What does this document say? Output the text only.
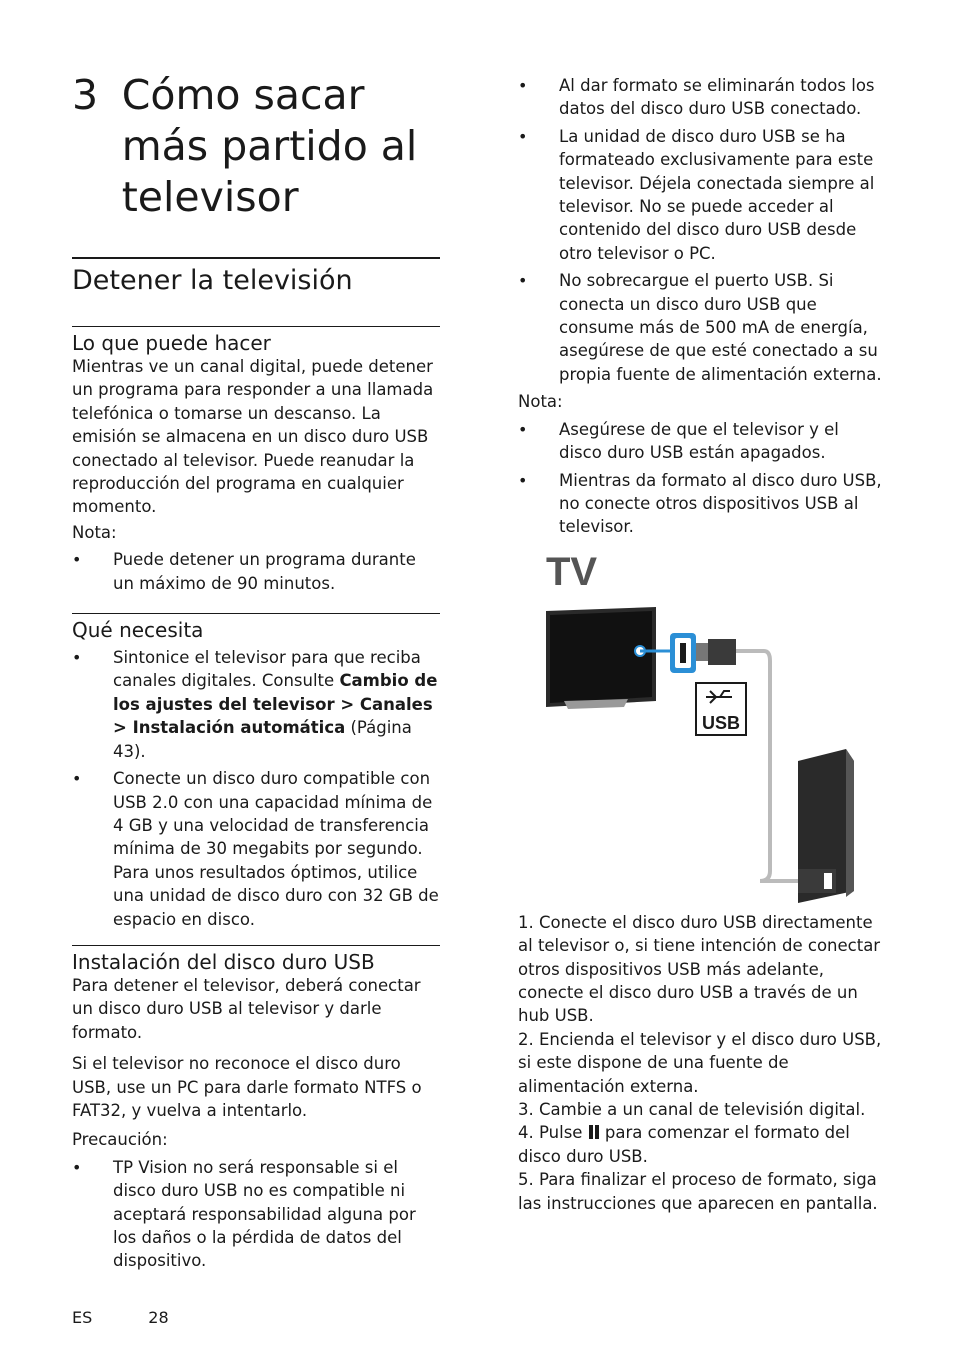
3 Cómo sacar más partido al televisor
Detener la televisión
Lo que puede hacer

Mientras ve un canal digital, puede detener un programa para responder a una llamada telefónica o tomarse un descanso. La emisión se almacena en un disco duro USB conectado al televisor. Puede reanudar la reproducción del programa en cualquier momento.

Nota:
• Puede detener un programa durante un máximo de 90 minutos.
Qué necesita
• Sintonice el televisor para que reciba canales digitales. Consulte Cambio de los ajustes del televisor > Canales > Instalación automática (Página 43).
• Conecte un disco duro compatible con USB 2.0 con una capacidad mínima de 4 GB y una velocidad de transferencia mínima de 30 megabits por segundo. Para unos resultados óptimos, utilice una unidad de disco duro con 32 GB de espacio en disco.
Instalación del disco duro USB

Para detener el televisor, deberá conectar un disco duro USB al televisor y darle formato.

Si el televisor no reconoce el disco duro USB, use un PC para darle formato NTFS o FAT32, y vuelva a intentarlo.

Precaución:
• TP Vision no será responsable si el disco duro USB no es compatible ni aceptará responsabilidad alguna por los daños o la pérdida de datos del dispositivo.
• Al dar formato se eliminarán todos los datos del disco duro USB conectado.
• La unidad de disco duro USB se ha formateado exclusivamente para este televisor. Déjela conectada siempre al televisor. No se puede acceder al contenido del disco duro USB desde otro televisor o PC.
• No sobrecargue el puerto USB. Si conecta un disco duro USB que consume más de 500 mA de energía, asegúrese de que esté conectado a su propia fuente de alimentación externa.
Nota:
• Asegúrese de que el televisor y el disco duro USB están apagados.
• Mientras da formato al disco duro USB, no conecte otros dispositivos USB al televisor.
TV
USB

1. Conecte el disco duro USB directamente al televisor o, si tiene intención de conectar otros dispositivos USB más adelante, conecte el disco duro USB a través de un hub USB.

2. Encienda el televisor y el disco duro USB, si este dispone de una fuente de alimentación externa.

3. Cambie a un canal de televisión digital.

4. Pulse  para comenzar el formato del disco duro USB.

5. Para finalizar el proceso de formato, siga las instrucciones que aparecen en pantalla.

ES	28
